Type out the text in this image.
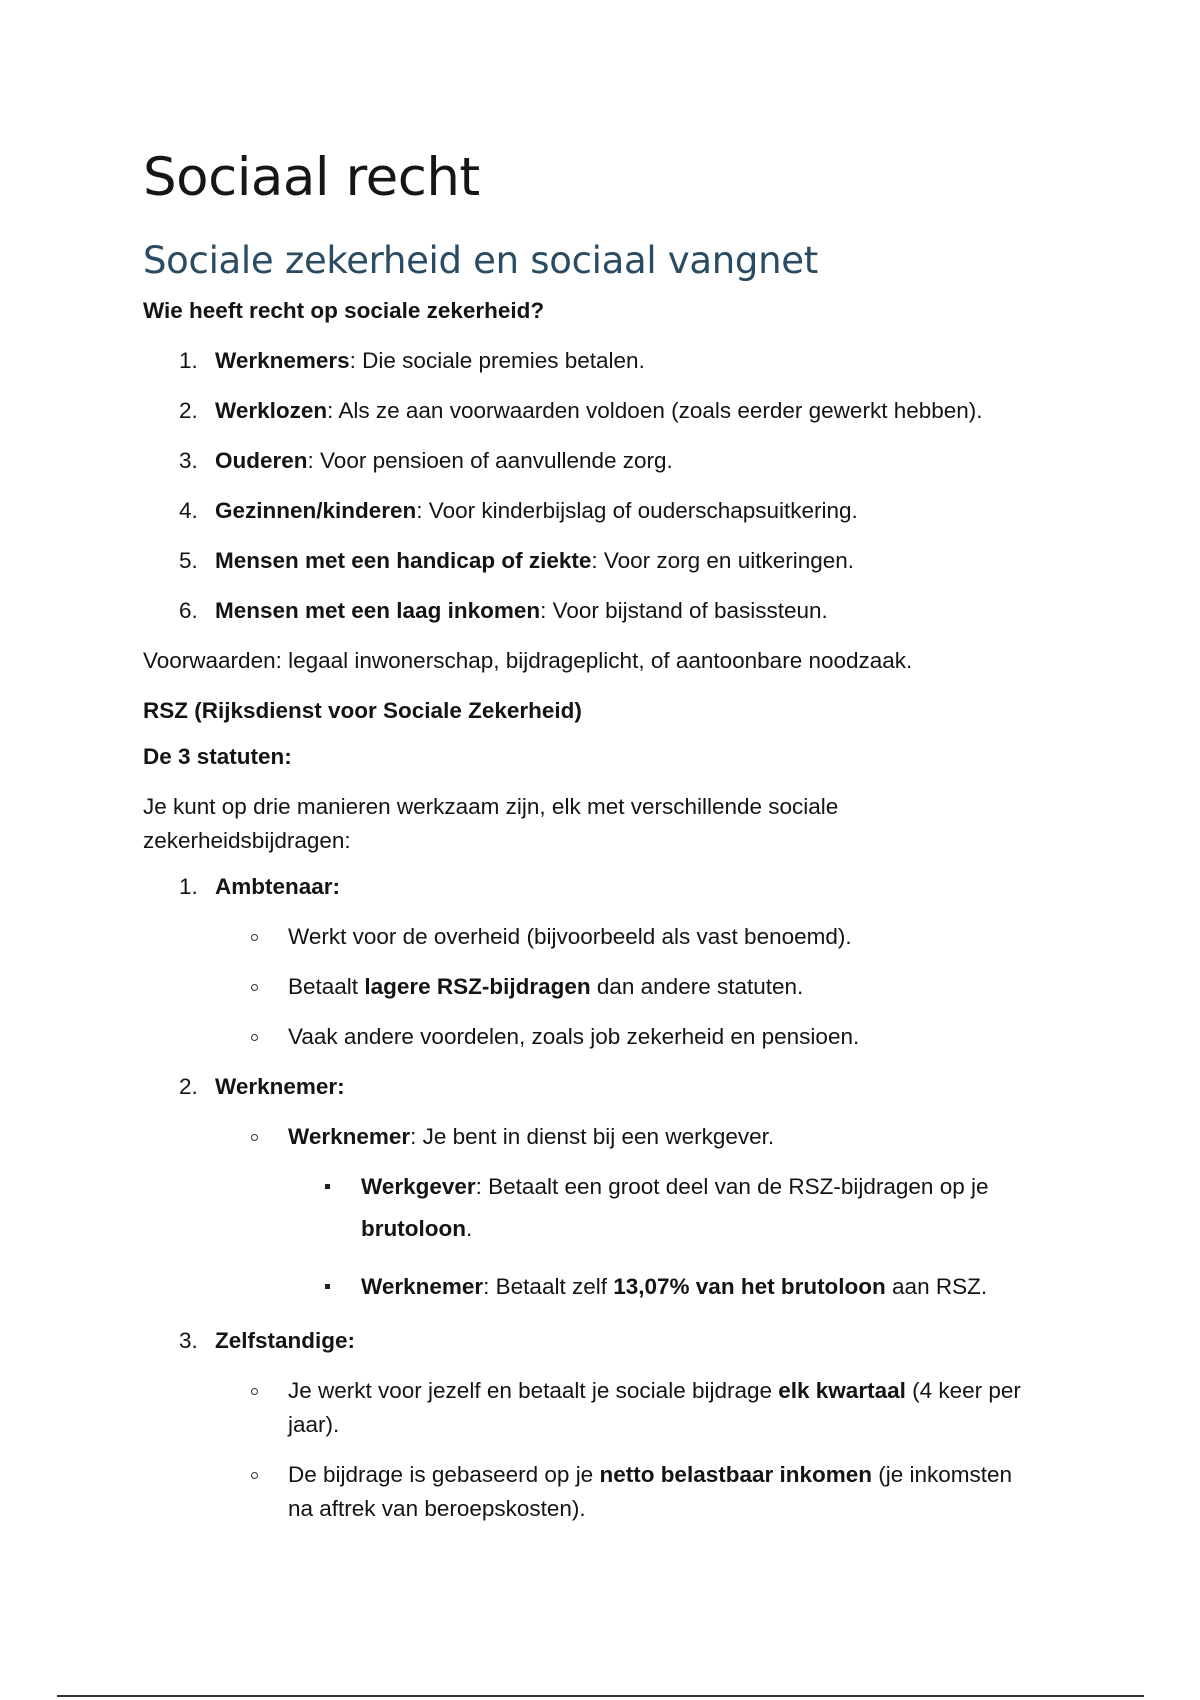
Sociaal recht
Sociale zekerheid en sociaal vangnet

Wie heeft recht op sociale zekerheid?

1. Werknemers: Die sociale premies betalen.
2. Werklozen: Als ze aan voorwaarden voldoen (zoals eerder gewerkt hebben).
3. Ouderen: Voor pensioen of aanvullende zorg.
4. Gezinnen/kinderen: Voor kinderbijslag of ouderschapsuitkering.
5. Mensen met een handicap of ziekte: Voor zorg en uitkeringen.
6. Mensen met een laag inkomen: Voor bijstand of basissteun.

Voorwaarden: legaal inwonerschap, bijdrageplicht, of aantoonbare noodzaak.

RSZ (Rijksdienst voor Sociale Zekerheid)

De 3 statuten:

Je kunt op drie manieren werkzaam zijn, elk met verschillende sociale zekerheidsbijdragen:

1. Ambtenaar:
Werkt voor de overheid (bijvoorbeeld als vast benoemd).
Betaalt lagere RSZ-bijdragen dan andere statuten.
Vaak andere voordelen, zoals job zekerheid en pensioen.
2. Werknemer:
Werknemer: Je bent in dienst bij een werkgever.
Werkgever: Betaalt een groot deel van de RSZ-bijdragen op je brutoloon.
Werknemer: Betaalt zelf 13,07% van het brutoloon aan RSZ.
3. Zelfstandige:
Je werkt voor jezelf en betaalt je sociale bijdrage elk kwartaal (4 keer per jaar).
De bijdrage is gebaseerd op je netto belastbaar inkomen (je inkomsten na aftrek van beroepskosten).
